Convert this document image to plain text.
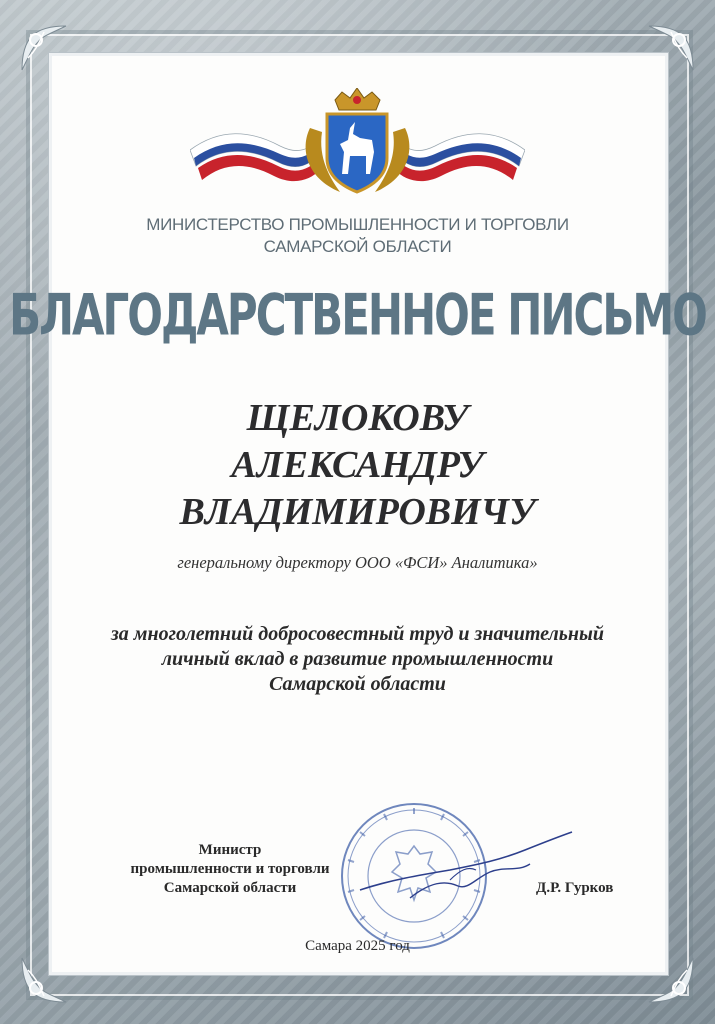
МИНИСТЕРСТВО ПРОМЫШЛЕННОСТИ И ТОРГОВЛИ
САМАРСКОЙ ОБЛАСТИ
БЛАГОДАРСТВЕННОЕ ПИСЬМО
ЩЕЛОКОВУ
АЛЕКСАНДРУ
ВЛАДИМИРОВИЧУ
генеральному директору ООО «ФСИ» Аналитика»
за многолетний добросовестный труд и значительный
личный вклад в развитие промышленности
Самарской области
Министр
промышленности и торговли
Самарской области	Д.Р. Гурков
Самара 2025 год
